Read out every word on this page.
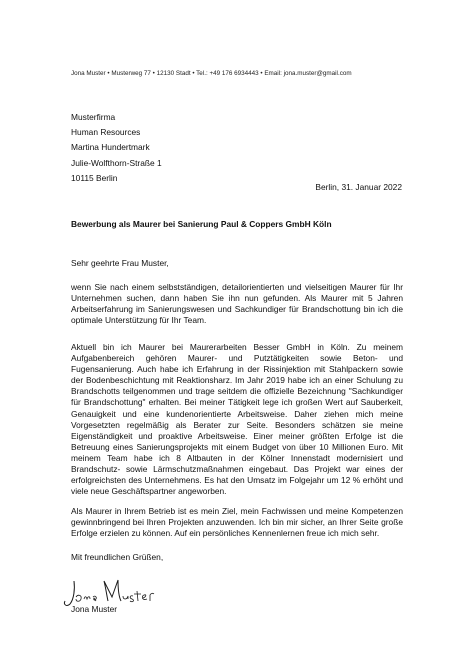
Jona Muster • Musterweg 77 • 12130 Stadt • Tel.: +49 176 6934443 • Email: jona.muster@gmail.com
Musterfirma
Human Resources
Martina Hundertmark
Julie-Wolfthorn-Straße 1
10115 Berlin
Berlin, 31. Januar 2022
Bewerbung als Maurer bei Sanierung Paul & Coppers GmbH Köln
Sehr geehrte Frau Muster,

wenn Sie nach einem selbstständigen, detailorientierten und vielseitigen Maurer für Ihr Unternehmen suchen, dann haben Sie ihn nun gefunden. Als Maurer mit 5 Jahren Arbeitserfahrung im Sanierungswesen und Sachkundiger für Brandschottung bin ich die optimale Unterstützung für Ihr Team.

Aktuell bin ich Maurer bei Maurerarbeiten Besser GmbH in Köln. Zu meinem Aufgabenbereich gehören Maurer- und Putztätigkeiten sowie Beton- und Fugensanierung. Auch habe ich Erfahrung in der Rissinjektion mit Stahlpackern sowie der Bodenbeschichtung mit Reaktionsharz. Im Jahr 2019 habe ich an einer Schulung zu Brandschotts teilgenommen und trage seitdem die offizielle Bezeichnung "Sachkundiger für Brandschottung" erhalten. Bei meiner Tätigkeit lege ich großen Wert auf Sauberkeit, Genauigkeit und eine kundenorientierte Arbeitsweise. Daher ziehen mich meine Vorgesetzten regelmäßig als Berater zur Seite. Besonders schätzen sie meine Eigenständigkeit und proaktive Arbeitsweise. Einer meiner größten Erfolge ist die Betreuung eines Sanierungsprojekts mit einem Budget von über 10 Millionen Euro. Mit meinem Team habe ich 8 Altbauten in der Kölner Innenstadt modernisiert und Brandschutz- sowie Lärmschutzmaßnahmen eingebaut. Das Projekt war eines der erfolgreichsten des Unternehmens. Es hat den Umsatz im Folgejahr um 12 % erhöht und viele neue Geschäftspartner angeworben.

Als Maurer in Ihrem Betrieb ist es mein Ziel, mein Fachwissen und meine Kompetenzen gewinnbringend bei Ihren Projekten anzuwenden. Ich bin mir sicher, an Ihrer Seite große Erfolge erzielen zu können. Auf ein persönliches Kennenlernen freue ich mich sehr.

Mit freundlichen Grüßen,
Jona Muster
